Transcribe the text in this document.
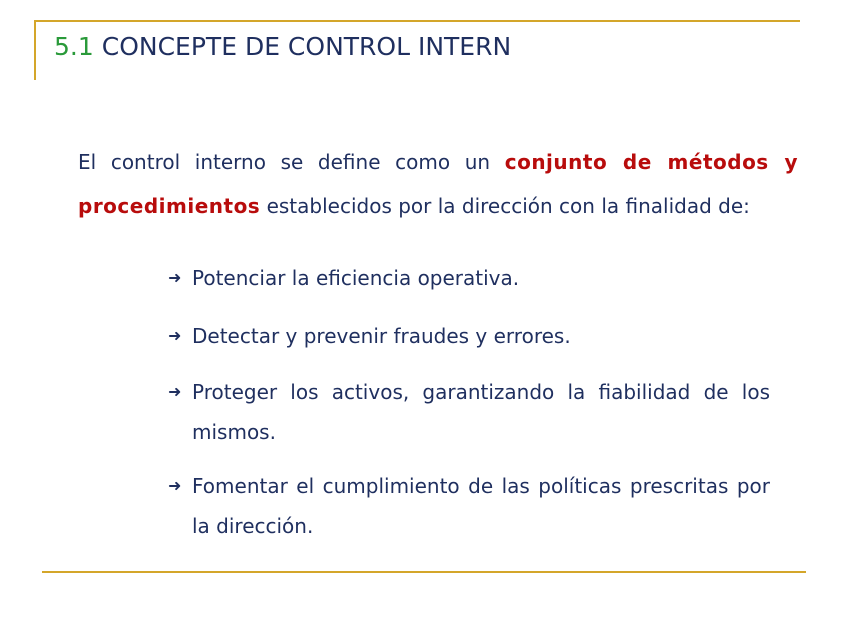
5.1 CONCEPTE DE CONTROL INTERN

El control interno se define como un conjunto de métodos y procedimientos establecidos por la dirección con la finalidad de:

➜ Potenciar la eficiencia operativa.
➜ Detectar y prevenir fraudes y errores.
➜ Proteger los activos, garantizando la fiabilidad de los mismos.
➜ Fomentar el cumplimiento de las políticas prescritas por la dirección.
